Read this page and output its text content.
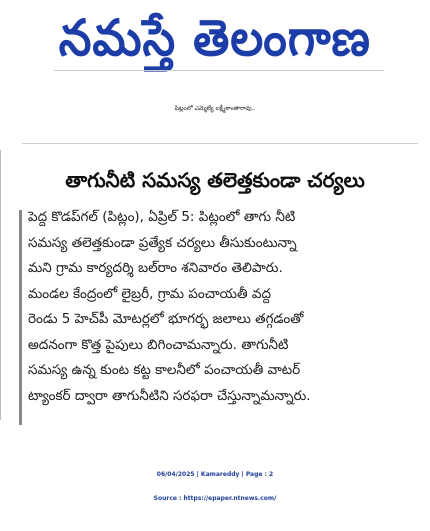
నమస్తే తెలంగాణ
పిట్లంలో ఎమ్మెల్యే లక్ష్మీకాంతారావు..
తాగునీటి సమస్య తలెత్తకుండా చర్యలు
పెద్ద కొడప్‌గల్‌ (పిట్లం), ఏప్రిల్‌ 5: పిట్లంలో తాగు నీటి
సమస్య తలెత్తకుండా ప్రత్యేక చర్యలు తీసుకుంటున్నా
మని గ్రామ కార్యదర్శి బల్‌రాం శనివారం తెలిపారు.
మండల కేంద్రంలో లైబ్రరీ, గ్రామ పంచాయతీ వద్ద
రెండు 5 హెచ్‌పీ మోటర్లలో భూగర్భ జలాలు తగ్గడంతో
అదనంగా కొత్త పైపులు బిగించామన్నారు. తాగునీటి
సమస్య ఉన్న కుంట కట్ట కాలనీలో పంచాయతీ వాటర్‌
ట్యాంకర్‌ ద్వారా తాగునీటిని సరఫరా చేస్తున్నామన్నారు.
06/04/2025 | Kamareddy | Page : 2
Source : https://epaper.ntnews.com/
